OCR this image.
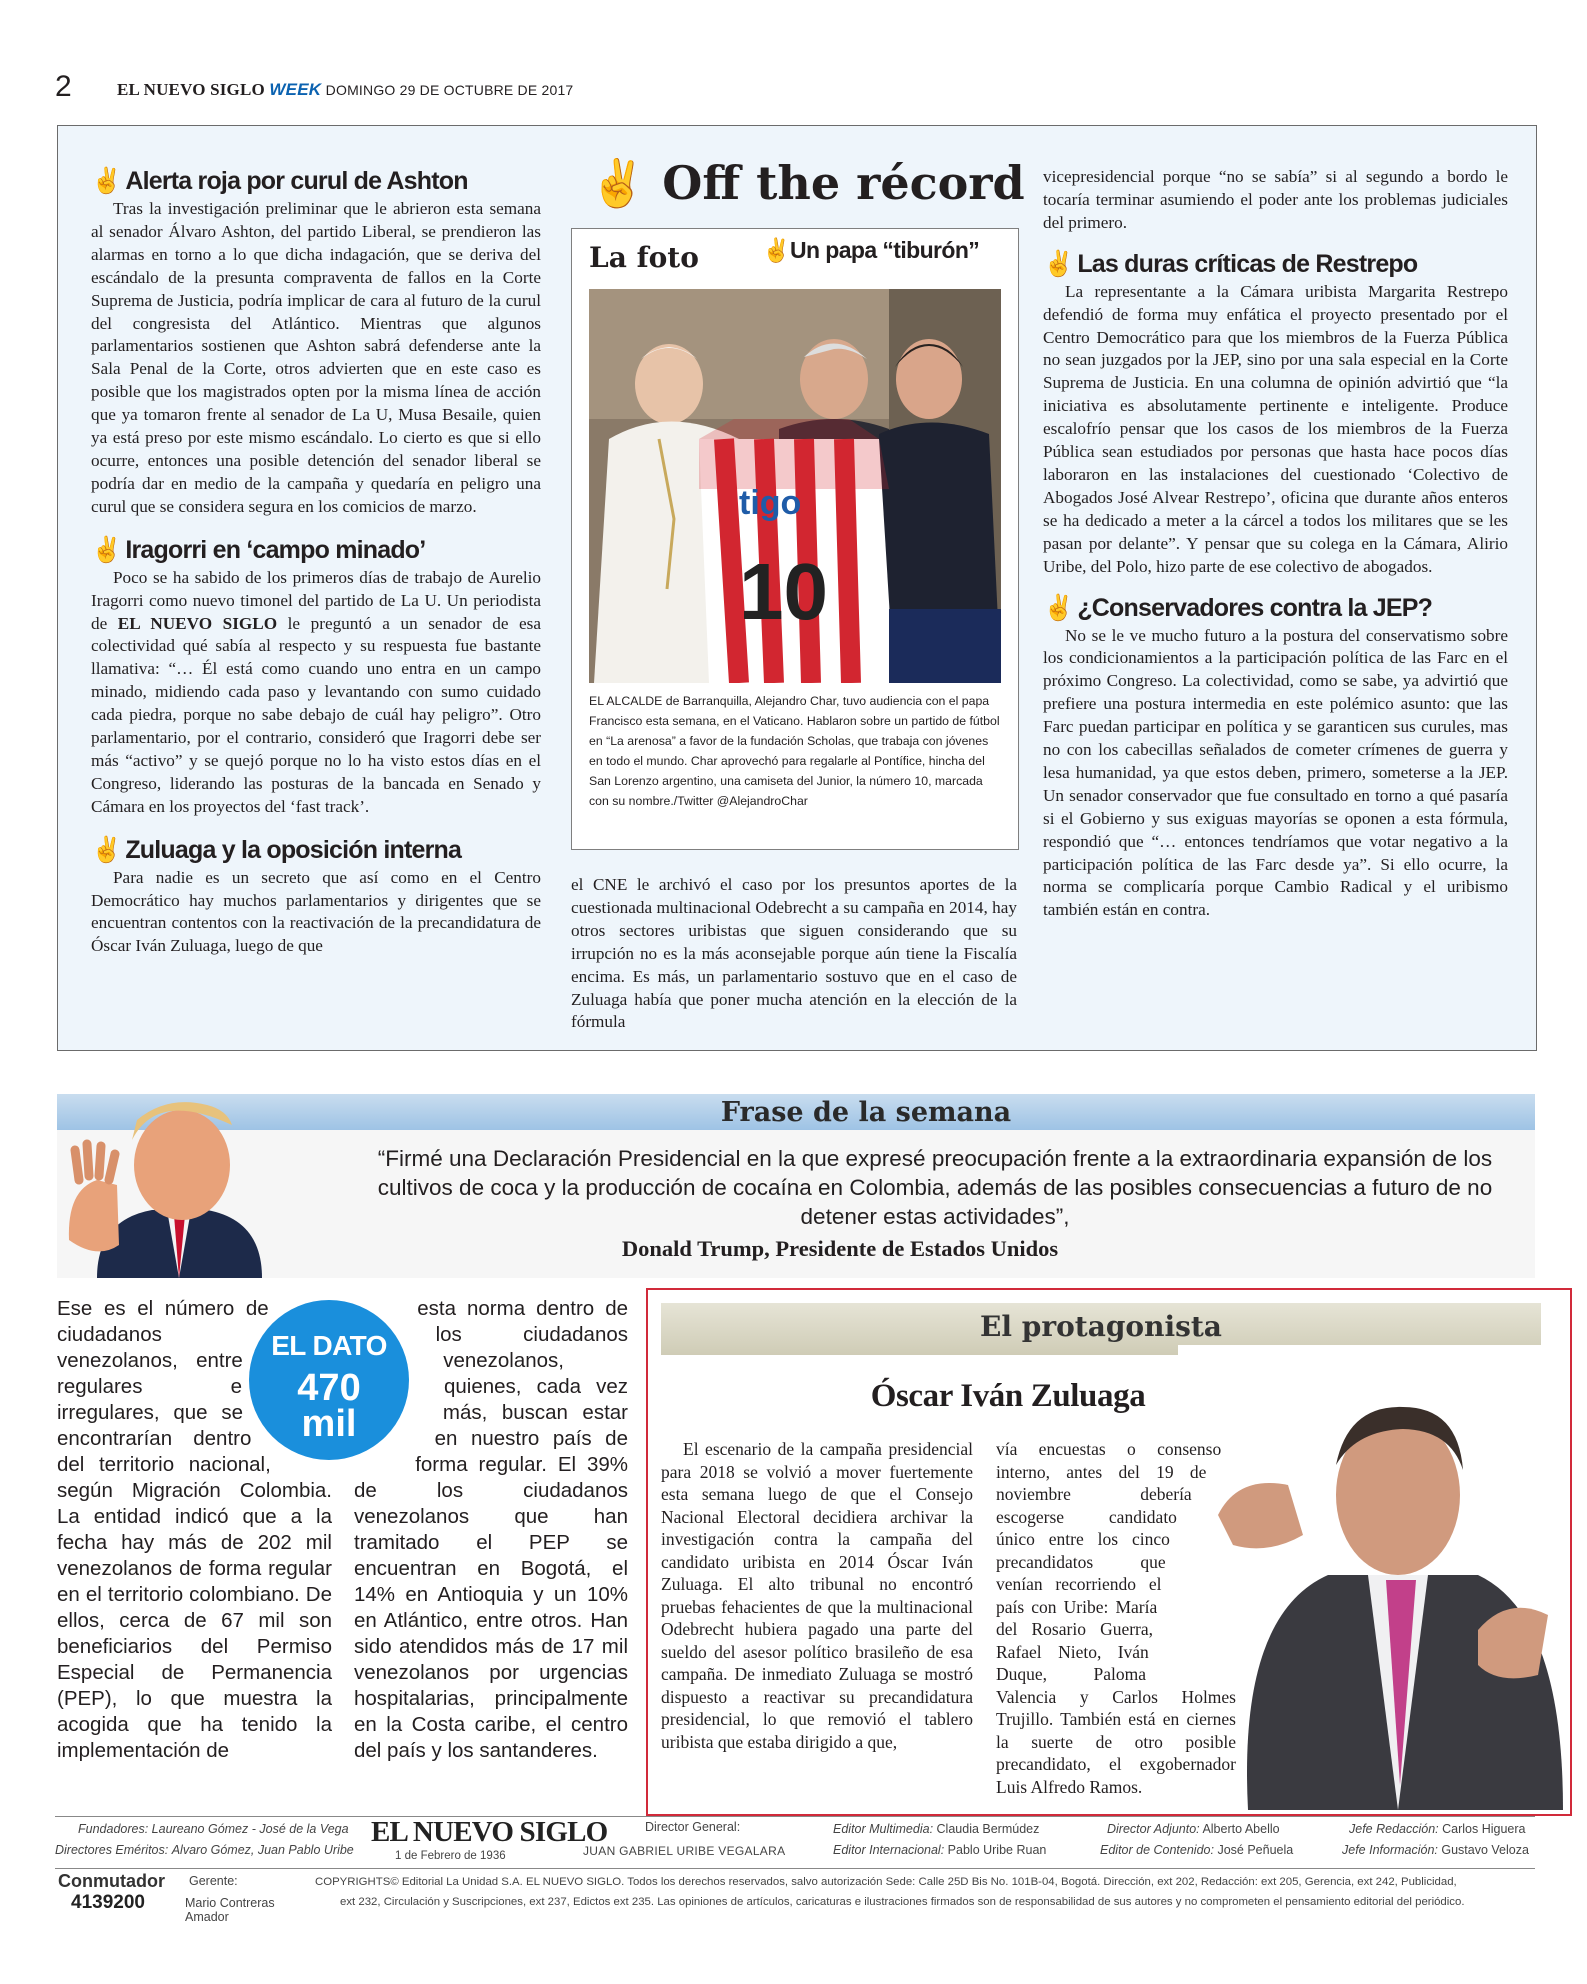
2	EL NUEVO SIGLO WEEK DOMINGO 29 DE OCTUBRE DE 2017

✌ Alerta roja por curul de Ashton

Tras la investigación preliminar que le abrieron esta semana al senador Álvaro Ashton, del partido Liberal, se prendieron las alarmas en torno a lo que dicha indagación, que se deriva del escándalo de la presunta compraventa de fallos en la Corte Suprema de Justicia, podría implicar de cara al futuro de la curul del congresista del Atlántico. Mientras que algunos parlamentarios sostienen que Ashton sabrá defenderse ante la Sala Penal de la Corte, otros advierten que en este caso es posible que los magistrados opten por la misma línea de acción que ya tomaron frente al senador de La U, Musa Besaile, quien ya está preso por este mismo escándalo. Lo cierto es que si ello ocurre, entonces una posible detención del senador liberal se podría dar en medio de la campaña y quedaría en peligro una curul que se considera segura en los comicios de marzo.

✌ Iragorri en ‘campo minado’

Poco se ha sabido de los primeros días de trabajo de Aurelio Iragorri como nuevo timonel del partido de La U. Un periodista de EL NUEVO SIGLO le preguntó a un senador de esa colectividad qué sabía al respecto y su respuesta fue bastante llamativa: “… Él está como cuando uno entra en un campo minado, midiendo cada paso y levantando con sumo cuidado cada piedra, porque no sabe debajo de cuál hay peligro”. Otro parlamentario, por el contrario, consideró que Iragorri debe ser más “activo” y se quejó porque no lo ha visto estos días en el Congreso, liderando las posturas de la bancada en Senado y Cámara en los proyectos del ‘fast track’.

✌ Zuluaga y la oposición interna

Para nadie es un secreto que así como en el Centro Democrático hay muchos parlamentarios y dirigentes que se encuentran contentos con la reactivación de la precandidatura de Óscar Iván Zuluaga, luego de que

✌ Off the récord
La foto	✌Un papa “tiburón”
tigo
10

EL ALCALDE de Barranquilla, Alejandro Char, tuvo audiencia con el papa Francisco esta semana, en el Vaticano. Hablaron sobre un partido de fútbol en “La arenosa” a favor de la fundación Scholas, que trabaja con jóvenes en todo el mundo. Char aprovechó para regalarle al Pontífice, hincha del San Lorenzo argentino, una camiseta del Junior, la número 10, marcada con su nombre./Twitter @AlejandroChar

el CNE le archivó el caso por los presuntos aportes de la cuestionada multinacional Odebrecht a su campaña en 2014, hay otros sectores uribistas que siguen considerando que su irrupción no es la más aconsejable porque aún tiene la Fiscalía encima. Es más, un parlamentario sostuvo que en el caso de Zuluaga había que poner mucha atención en la elección de la fórmula

vicepresidencial porque “no se sabía” si al segundo a bordo le tocaría terminar asumiendo el poder ante los problemas judiciales del primero.

✌ Las duras críticas de Restrepo

La representante a la Cámara uribista Margarita Restrepo defendió de forma muy enfática el proyecto presentado por el Centro Democrático para que los miembros de la Fuerza Pública no sean juzgados por la JEP, sino por una sala especial en la Corte Suprema de Justicia. En una columna de opinión advirtió que “la iniciativa es absolutamente pertinente e inteligente. Produce escalofrío pensar que los casos de los miembros de la Fuerza Pública sean estudiados por personas que hasta hace pocos días laboraron en las instalaciones del cuestionado ‘Colectivo de Abogados José Alvear Restrepo’, oficina que durante años enteros se ha dedicado a meter a la cárcel a todos los militares que se les pasan por delante”. Y pensar que su colega en la Cámara, Alirio Uribe, del Polo, hizo parte de ese colectivo de abogados.

✌ ¿Conservadores contra la JEP?

No se le ve mucho futuro a la postura del conservatismo sobre los condicionamientos a la participación política de las Farc en el próximo Congreso. La colectividad, como se sabe, ya advirtió que prefiere una postura intermedia en este polémico asunto: que las Farc puedan participar en política y se garanticen sus curules, mas no con los cabecillas señalados de cometer crímenes de guerra y lesa humanidad, ya que estos deben, primero, someterse a la JEP. Un senador conservador que fue consultado en torno a qué pasaría si el Gobierno y sus exiguas mayorías se oponen a esta fórmula, respondió que “… entonces tendríamos que votar negativo a la participación política de las Farc desde ya”. Si ello ocurre, la norma se complicaría porque Cambio Radical y el uribismo también están en contra.

Frase de la semana

“Firmé una Declaración Presidencial en la que expresé preocupación frente a la extraordinaria expansión de los cultivos de coca y la producción de cocaína en Colombia, además de las posibles consecuencias a futuro de no detener estas actividades”,

Donald Trump, Presidente de Estados Unidos

Ese es el número de ciudadanos venezolanos, entre regulares e irregulares, que se encontrarían dentro del territorio nacional, según Migración Colombia. La entidad indicó que a la fecha hay más de 202 mil venezolanos de forma regular en el territorio colombiano. De ellos, cerca de 67 mil son beneficiarios del Permiso Especial de Permanencia (PEP), lo que muestra la acogida que ha tenido la implementación de

esta norma dentro de los ciudadanos venezolanos, quienes, cada vez más, buscan estar en nuestro país de forma regular. El 39% de los ciudadanos venezolanos que han tramitado el PEP se encuentran en Bogotá, el 14% en Antioquia y un 10% en Atlántico, entre otros. Han sido atendidos más de 17 mil venezolanos por urgencias hospitalarias, principalmente en la Costa caribe, el centro del país y los santanderes.

EL DATO
470
mil
El protagonista
Óscar Iván Zuluaga

El escenario de la campaña presidencial para 2018 se volvió a mover fuertemente esta semana luego de que el Consejo Nacional Electoral decidiera archivar la investigación contra la campaña del candidato uribista en 2014 Óscar Iván Zuluaga. El alto tribunal no encontró pruebas fehacientes de que la multinacional Odebrecht hubiera pagado una parte del sueldo del asesor político brasileño de esa campaña. De inmediato Zuluaga se mostró dispuesto a reactivar su precandidatura presidencial, lo que removió el tablero uribista que estaba dirigido a que,

vía encuestas o consenso interno, antes del 19 de noviembre debería escogerse candidato único entre los cinco precandidatos que venían recorriendo el país con Uribe: María del Rosario Guerra, Rafael Nieto, Iván Duque, Paloma Valencia y Carlos Holmes Trujillo. También está en ciernes la suerte de otro posible precandidato, el exgobernador Luis Alfredo Ramos.

Fundadores: Laureano Gómez - José de la Vega
Directores Eméritos: Alvaro Gómez, Juan Pablo Uribe
EL NUEVO SIGLO
1 de Febrero de 1936
Director General:
JUAN GABRIEL URIBE VEGALARA
Editor Multimedia: Claudia Bermúdez
Editor Internacional: Pablo Uribe Ruan
Director Adjunto: Alberto Abello
Editor de Contenido: José Peñuela
Jefe Redacción: Carlos Higuera
Jefe Información: Gustavo Veloza
Conmutador
4139200
Gerente:
Mario Contreras Amador
COPYRIGHTS© Editorial La Unidad S.A. EL NUEVO SIGLO. Todos los derechos reservados, salvo autorización Sede: Calle 25D Bis No. 101B-04, Bogotá. Dirección, ext 202, Redacción: ext 205, Gerencia, ext 242, Publicidad,
ext 232, Circulación y Suscripciones, ext 237, Edictos ext 235. Las opiniones de artículos, caricaturas e ilustraciones firmados son de responsabilidad de sus autores y no comprometen el pensamiento editorial del periódico.
